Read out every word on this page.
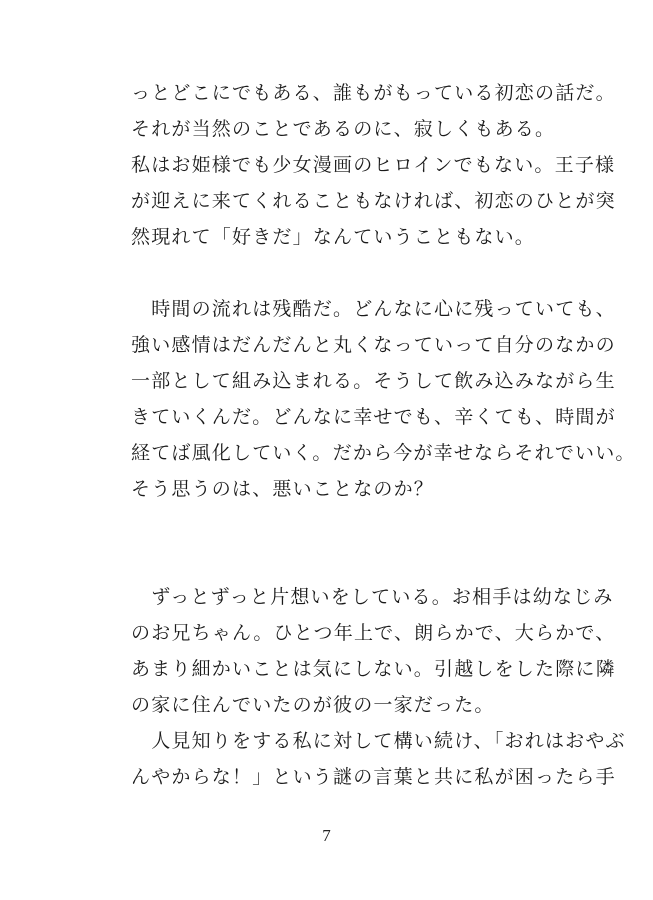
っとどこにでもある、誰もがもっている初恋の話だ。
それが当然のことであるのに、寂しくもある。
私はお姫様でも少女漫画のヒロインでもない。王子様
が迎えに来てくれることもなければ、初恋のひとが突
然現れて「好きだ」なんていうこともない。
　時間の流れは残酷だ。どんなに心に残っていても、
強い感情はだんだんと丸くなっていって自分のなかの
一部として組み込まれる。そうして飲み込みながら生
きていくんだ。どんなに幸せでも、辛くても、時間が
経てば風化していく。だから今が幸せならそれでいい。
そう思うのは、悪いことなのか？
　ずっとずっと片想いをしている。お相手は幼なじみ
のお兄ちゃん。ひとつ年上で、朗らかで、大らかで、
あまり細かいことは気にしない。引越しをした際に隣
の家に住んでいたのが彼の一家だった。
　人見知りをする私に対して構い続け、「おれはおやぶ
んやからな！」という謎の言葉と共に私が困ったら手
7
